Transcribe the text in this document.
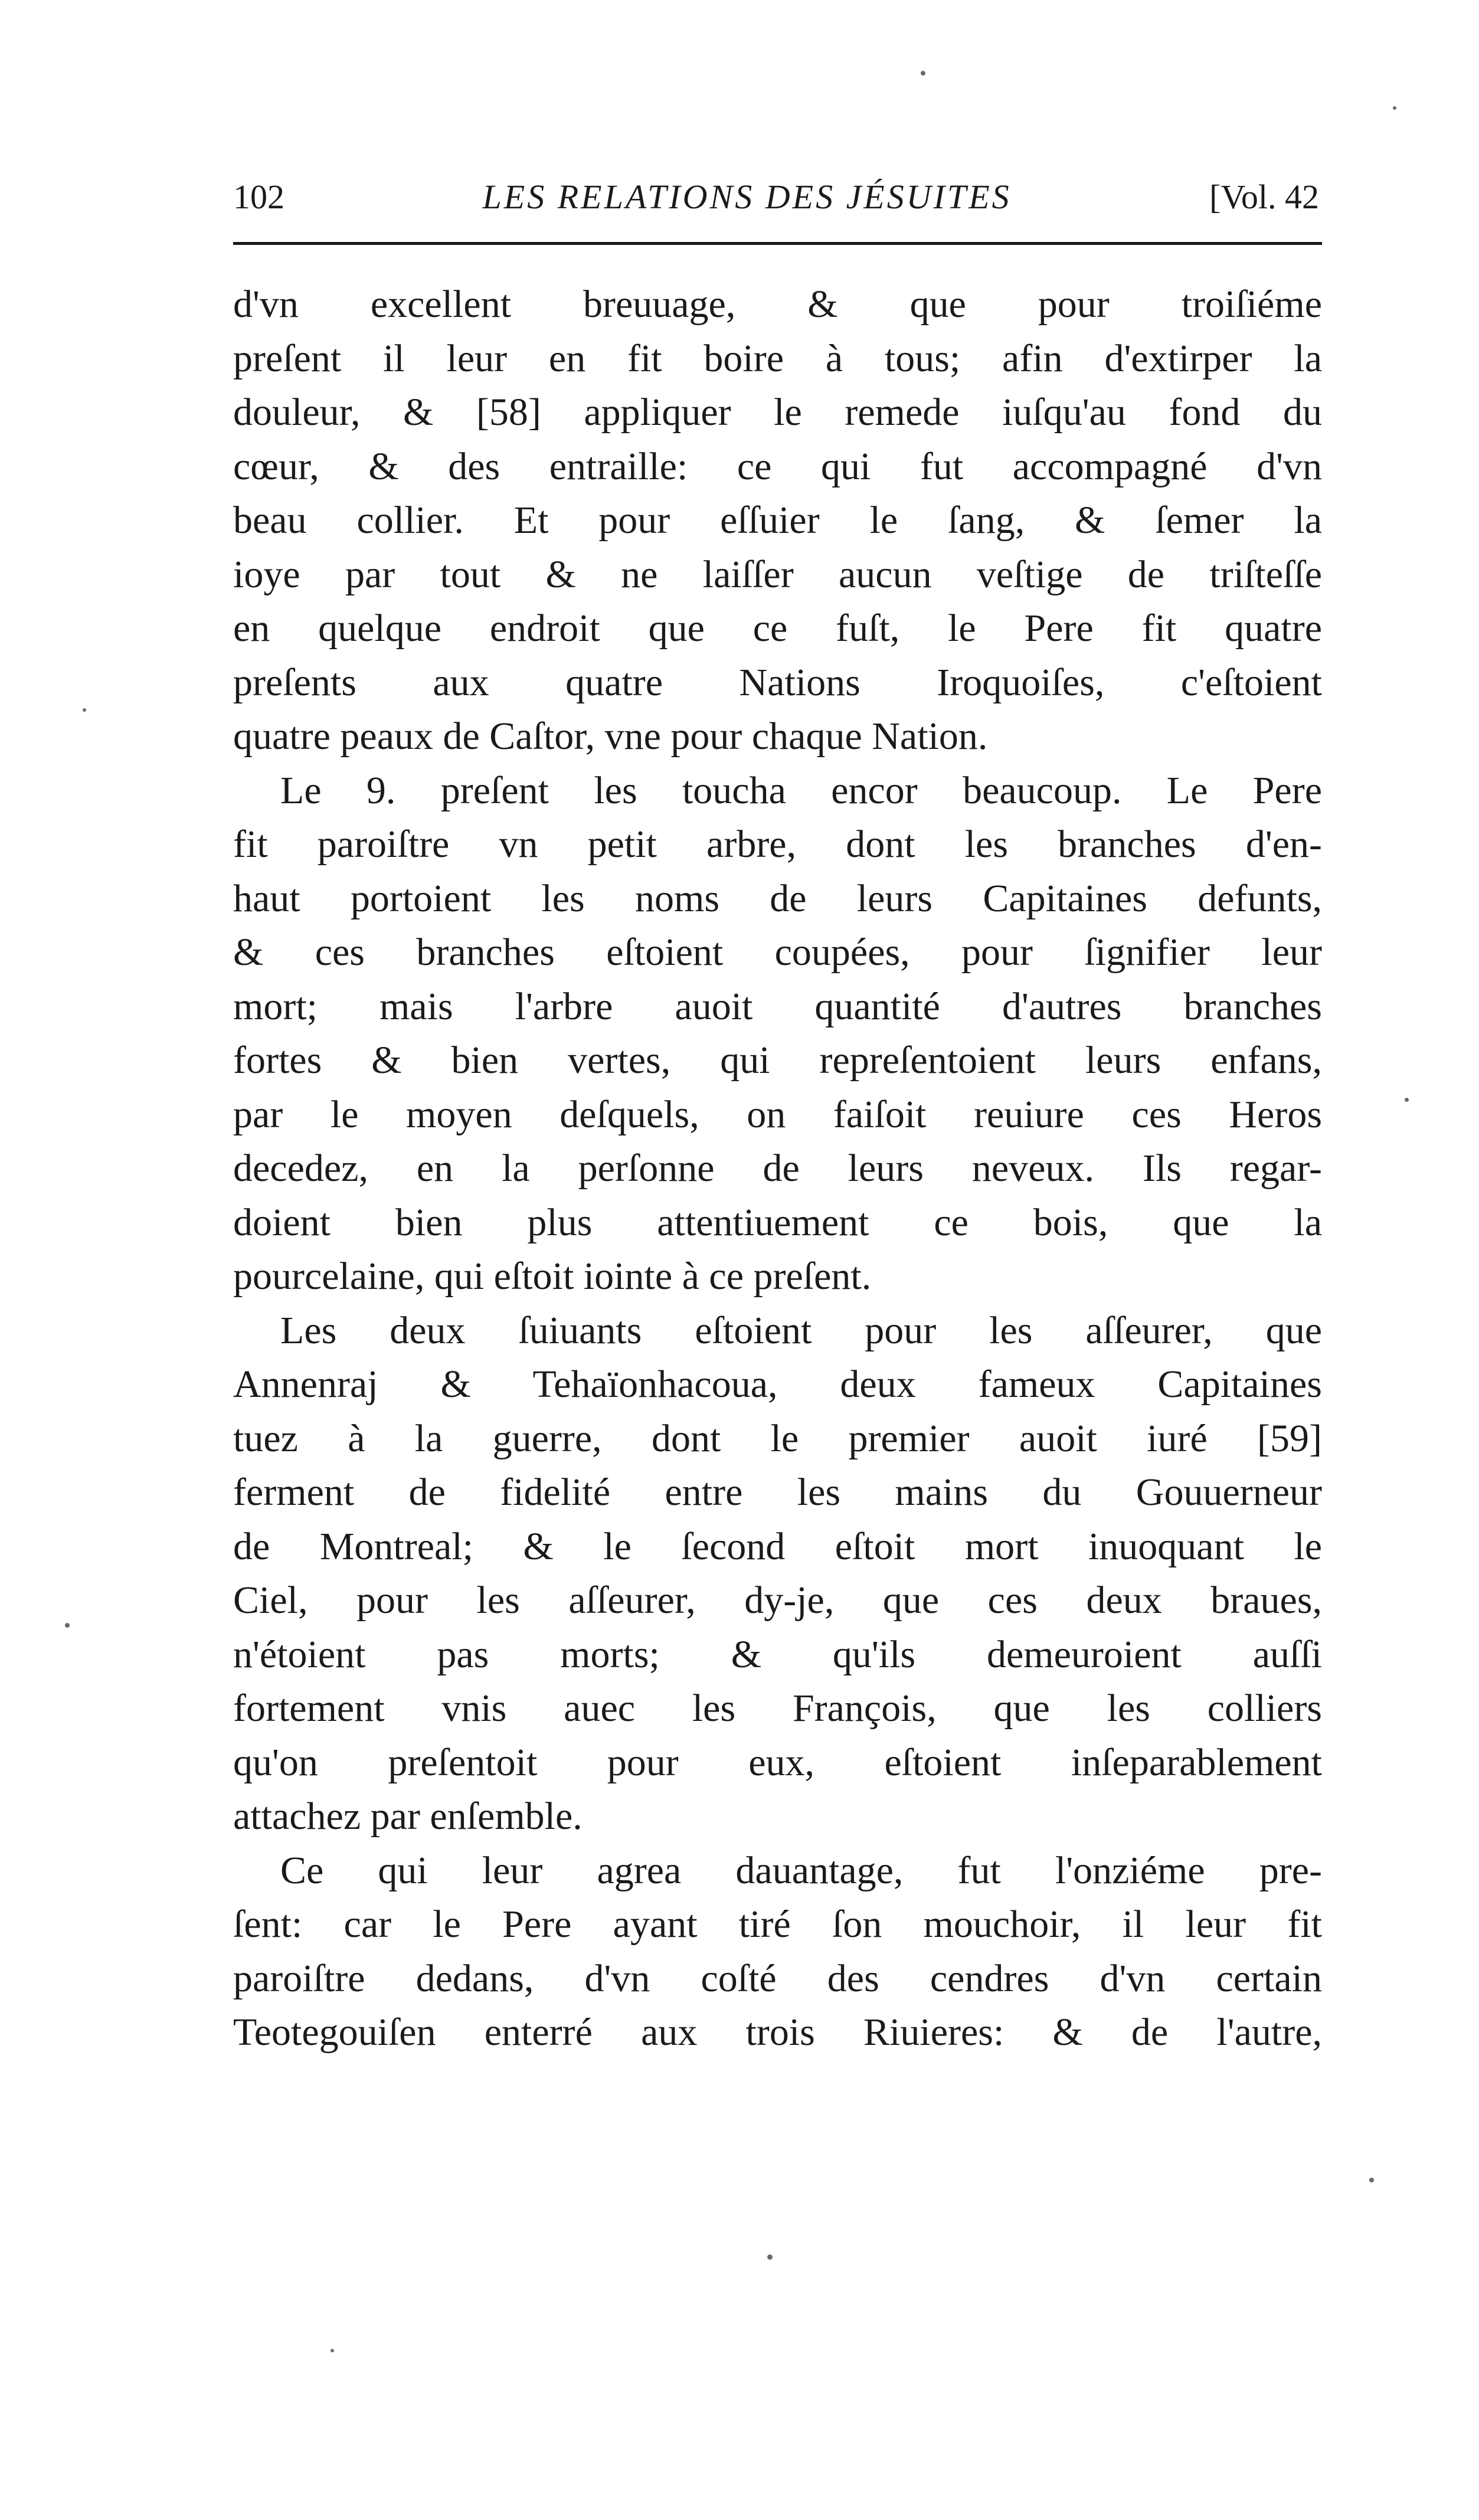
102	LES RELATIONS DES JÉSUITES	[Vol. 42
d'vn excellent breuuage, & que pour troiſiéme
preſent il leur en fit boire à tous; afin d'extirper la
douleur, & [58] appliquer le remede iuſqu'au fond du
cœur, & des entraille: ce qui fut accompagné d'vn
beau collier. Et pour eſſuier le ſang, & ſemer la
ioye par tout & ne laiſſer aucun veſtige de triſteſſe
en quelque endroit que ce fuſt, le Pere fit quatre
preſents aux quatre Nations Iroquoiſes, c'eſtoient
quatre peaux de Caſtor, vne pour chaque Nation.
Le 9. preſent les toucha encor beaucoup. Le Pere
fit paroiſtre vn petit arbre, dont les branches d'en-
haut portoient les noms de leurs Capitaines defunts,
& ces branches eſtoient coupées, pour ſignifier leur
mort; mais l'arbre auoit quantité d'autres branches
fortes & bien vertes, qui repreſentoient leurs enfans,
par le moyen deſquels, on faiſoit reuiure ces Heros
decedez, en la perſonne de leurs neveux. Ils regar-
doient bien plus attentiuement ce bois, que la
pourcelaine, qui eſtoit iointe à ce preſent.
Les deux ſuiuants eſtoient pour les aſſeurer, que
Annenraj & Tehaïonhacoua, deux fameux Capitaines
tuez à la guerre, dont le premier auoit iuré [59]
ferment de fidelité entre les mains du Gouuerneur
de Montreal; & le ſecond eſtoit mort inuoquant le
Ciel, pour les aſſeurer, dy-je, que ces deux braues,
n'étoient pas morts; & qu'ils demeuroient auſſi
fortement vnis auec les François, que les colliers
qu'on preſentoit pour eux, eſtoient inſeparablement
attachez par enſemble.
Ce qui leur agrea dauantage, fut l'onziéme pre-
ſent: car le Pere ayant tiré ſon mouchoir, il leur fit
paroiſtre dedans, d'vn coſté des cendres d'vn certain
Teotegouiſen enterré aux trois Riuieres: & de l'autre,
